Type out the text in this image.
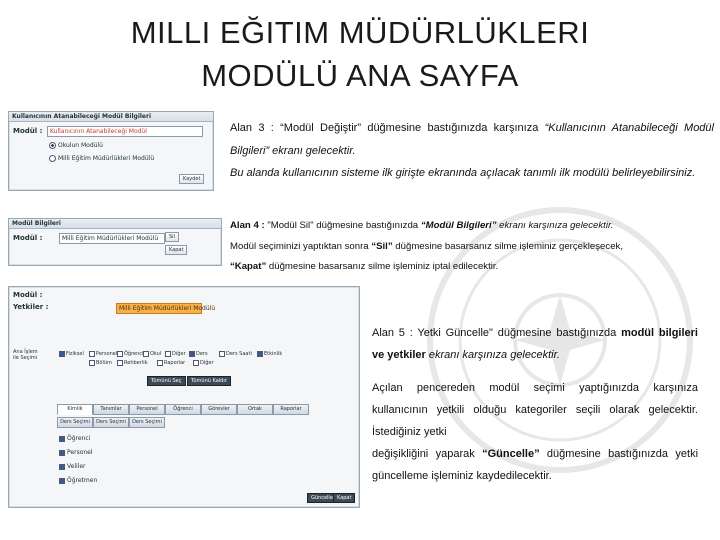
MILLI EĞITIM MÜDÜRLÜKLERI
MODÜLÜ ANA SAYFA
Kullanıcının Atanabileceği Modül Bilgileri
Modül :	Kullanıcının Atanabileceği Modül
Okulun Modülü
Milli Eğitim Müdürlükleri Modülü
Kaydet
Modül Bilgileri
Modül :	Milli Eğitim Müdürlükleri Modülü	Sil
Kapat
Modül :
Yetkiler :	Milli Eğitim Müdürlükleri Modülü
Ana İşlem ile Seçimi
Fiziksel Personel Öğrenci Okul Diğer Ders	Ders Saati Etkinlik
Bölüm Rehberlik	Raporlar	Diğer
Tümünü Seç	Tümünü Kaldır
Kimlik	Tanımlar	Personel	Öğrenci	Görevler	Ortak	Raporlar
Ders Seçimi	Ders Seçimi	Ders Seçimi
Öğrenci
Personel
Veliler
Öğretmen
Güncelle Kapat
Alan 3 : “Modül Değiştir” düğmesine bastığınızda karşınıza “Kullanıcının Atanabileceği Modül Bilgileri” ekranı gelecektir.
Bu alanda kullanıcının sisteme ilk girişte ekranında açılacak tanımlı ilk modülü belirleyebilirsiniz.
Alan 4 : "Modül Sil" düğmesine bastığınızda “Modül Bilgileri” ekranı karşınıza gelecektir.
Modül seçiminizi yaptıktan sonra “Sil” düğmesine basarsanız silme işleminiz gerçekleşecek,
“Kapat” düğmesine basarsanız silme işleminiz iptal edilecektir.
Alan 5 : Yetki Güncelle" düğmesine bastığınızda modül bilgileri ve yetkiler ekranı karşınıza gelecektir.
Açılan pencereden modül seçimi yaptığınızda karşınıza kullanıcının yetkili olduğu kategoriler seçili olarak gelecektir. İstediğiniz yetki
değişikliğini yaparak “Güncelle” düğmesine bastığınızda yetki güncelleme işleminiz kaydedilecektir.
